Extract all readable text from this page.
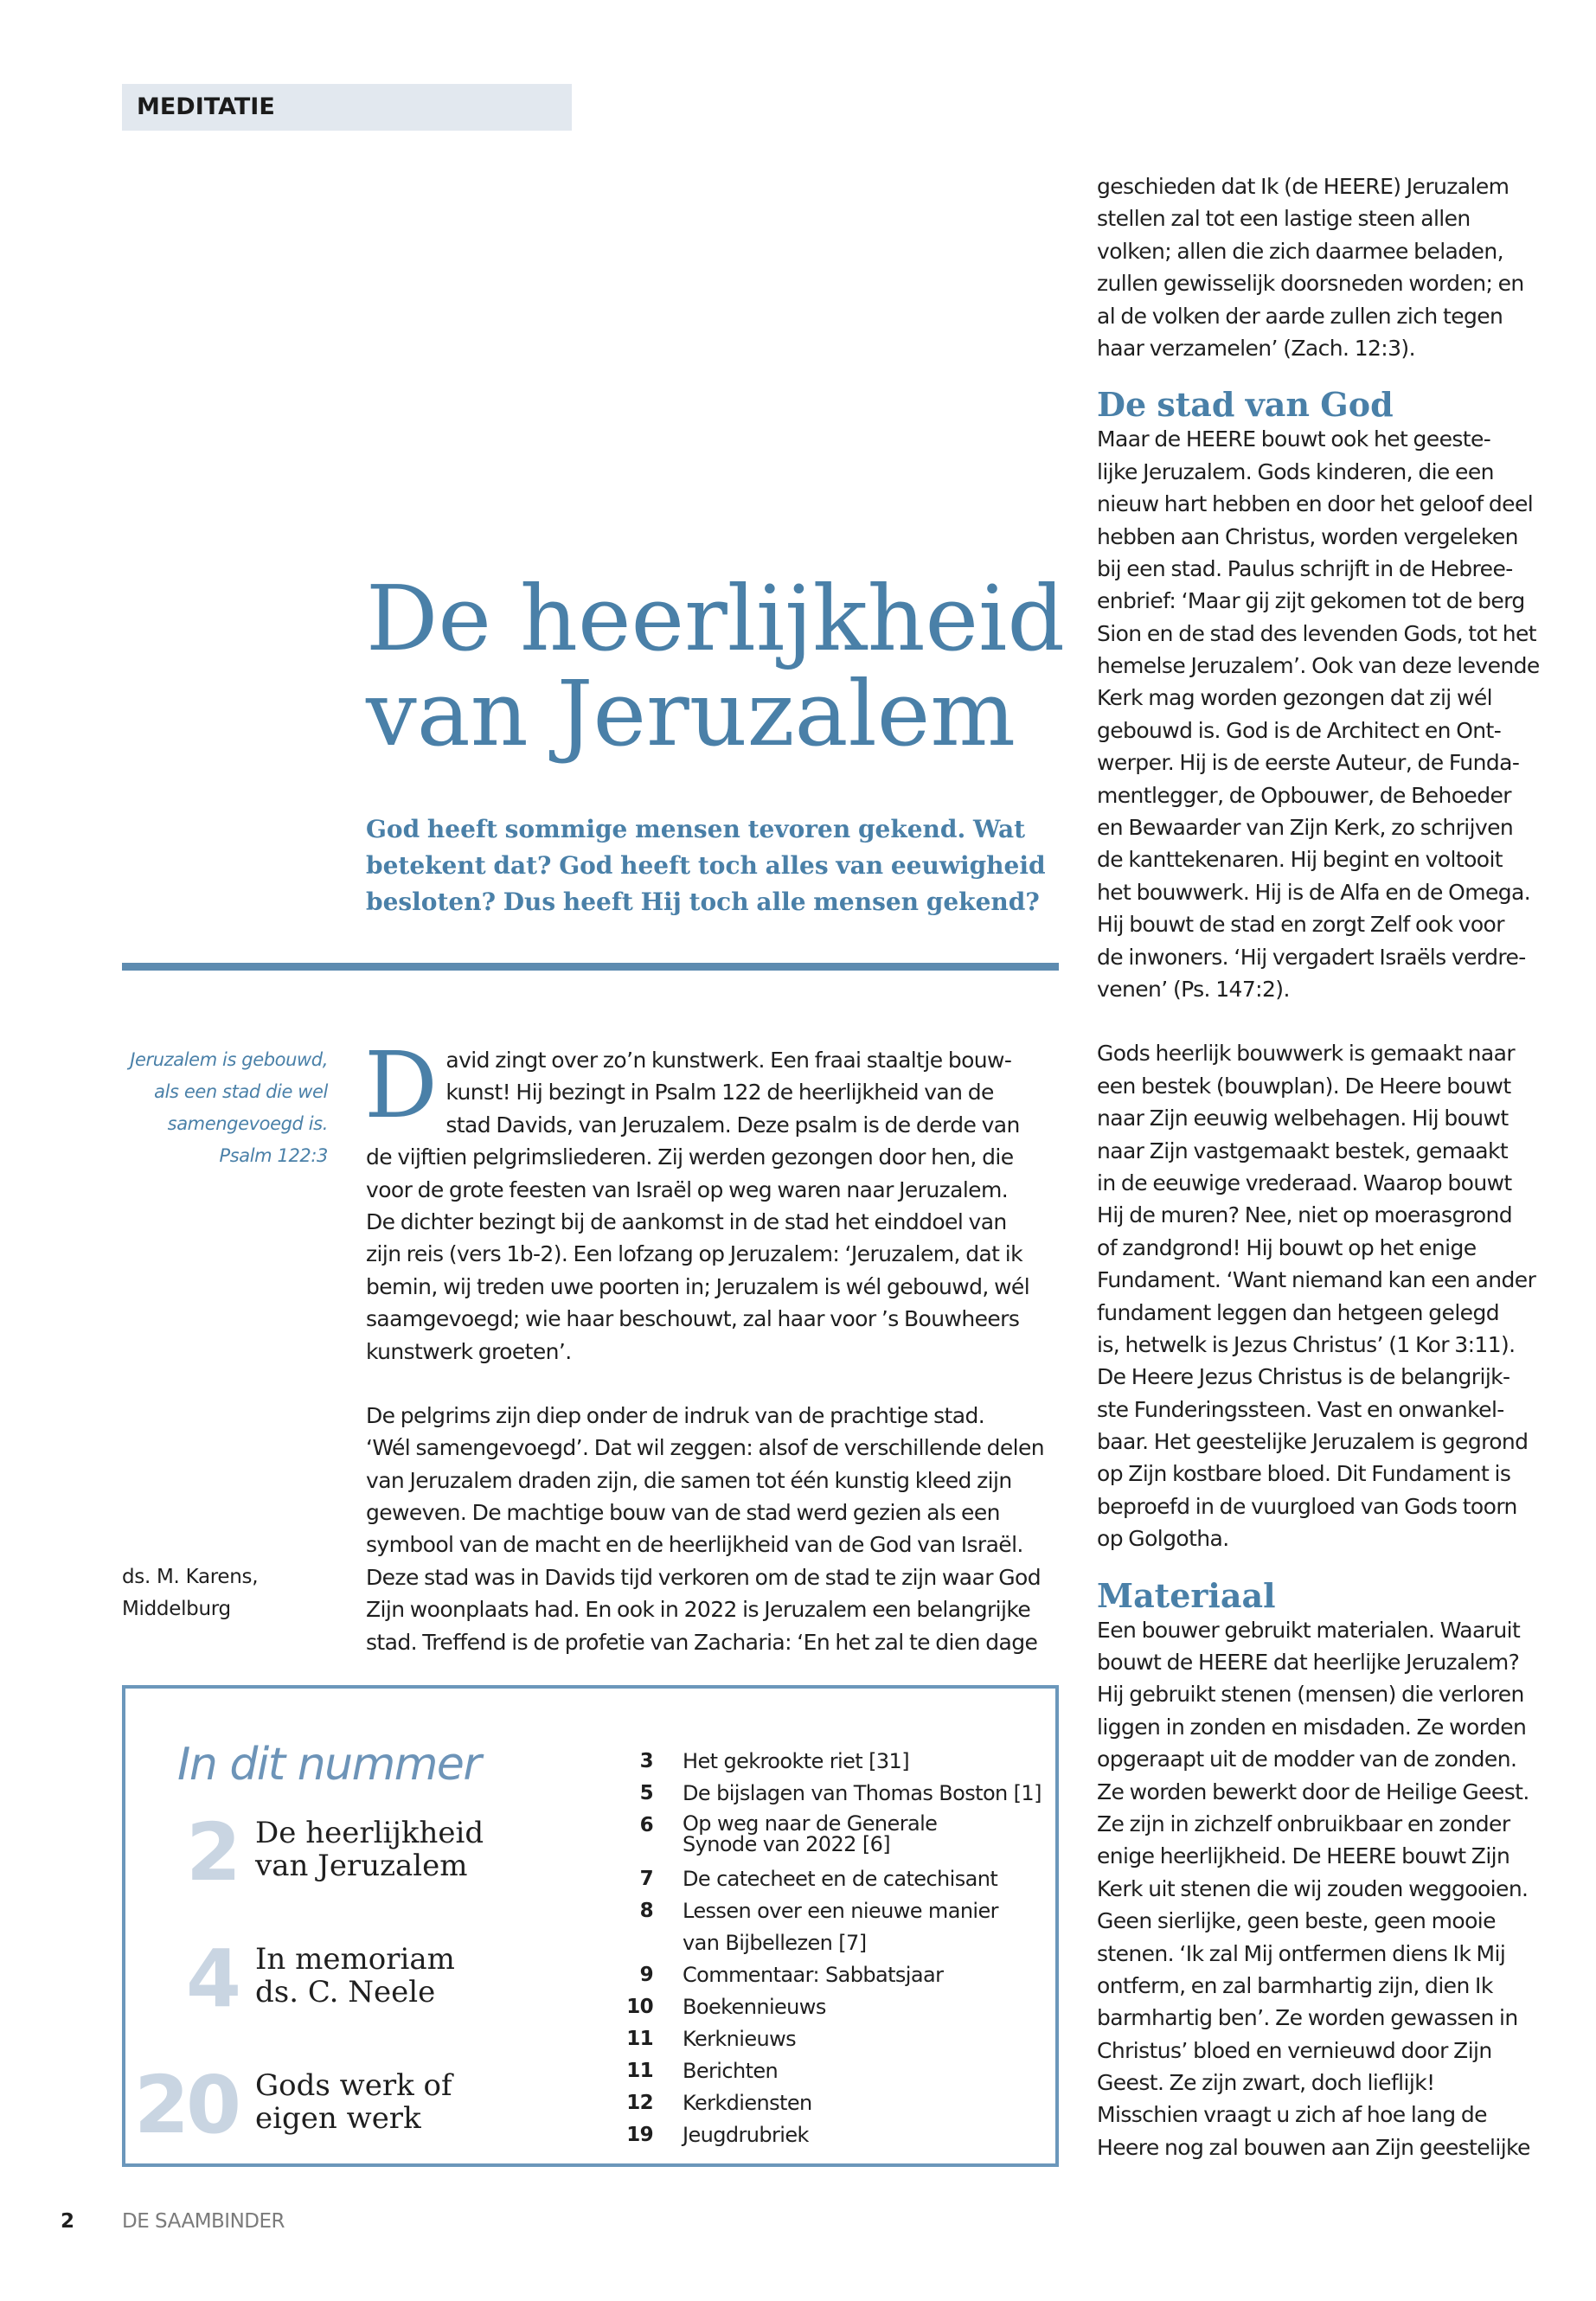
MEDITATIE
De heerlijkheid
van Jeruzalem
God heeft sommige mensen tevoren gekend. Wat
betekent dat? God heeft toch alles van eeuwigheid
besloten? Dus heeft Hij toch alle mensen gekend?
Jeruzalem is gebouwd,
als een stad die wel
samengevoegd is.
Psalm 122:3
ds. M. Karens,
Middelburg
D avid zingt over zo’n kunstwerk. Een fraai staaltje bouw-
kunst! Hij bezingt in Psalm 122 de heerlijkheid van de
stad Davids, van Jeruzalem. Deze psalm is de derde van
de vijftien pelgrimsliederen. Zij werden gezongen door hen, die
voor de grote feesten van Israël op weg waren naar Jeruzalem.
De dichter bezingt bij de aankomst in de stad het einddoel van
zijn reis (vers 1b-2). Een lofzang op Jeruzalem: ‘Jeruzalem, dat ik
bemin, wij treden uwe poorten in; Jeruzalem is wél gebouwd, wél
saamgevoegd; wie haar beschouwt, zal haar voor ’s Bouwheers
kunstwerk groeten’.

De pelgrims zijn diep onder de indruk van de prachtige stad.
‘Wél samengevoegd’. Dat wil zeggen: alsof de verschillende delen
van Jeruzalem draden zijn, die samen tot één kunstig kleed zijn
geweven. De machtige bouw van de stad werd gezien als een
symbool van de macht en de heerlijkheid van de God van Israël.
Deze stad was in Davids tijd verkoren om de stad te zijn waar God
Zijn woonplaats had. En ook in 2022 is Jeruzalem een belangrijke
stad. Treffend is de profetie van Zacharia: ‘En het zal te dien dage

geschieden dat Ik (de HEERE) Jeruzalem
stellen zal tot een lastige steen allen
volken; allen die zich daarmee beladen,
zullen gewisselijk doorsneden worden; en
al de volken der aarde zullen zich tegen
haar verzamelen’ (Zach. 12:3).

De stad van God

Maar de HEERE bouwt ook het geeste-
lijke Jeruzalem. Gods kinderen, die een
nieuw hart hebben en door het geloof deel
hebben aan Christus, worden vergeleken
bij een stad. Paulus schrijft in de Hebreе-
enbrief: ‘Maar gij zijt gekomen tot de berg
Sion en de stad des levenden Gods, tot het
hemelse Jeruzalem’. Ook van deze levende
Kerk mag worden gezongen dat zij wél
gebouwd is. God is de Architect en Ont-
werper. Hij is de eerste Auteur, de Funda-
mentlegger, de Opbouwer, de Behoeder
en Bewaarder van Zijn Kerk, zo schrijven
de kanttekenaren. Hij begint en voltooit
het bouwwerk. Hij is de Alfa en de Omega.
Hij bouwt de stad en zorgt Zelf ook voor
de inwoners. ‘Hij vergadert Israëls verdre-
venen’ (Ps. 147:2).

Gods heerlijk bouwwerk is gemaakt naar
een bestek (bouwplan). De Heere bouwt
naar Zijn eeuwig welbehagen. Hij bouwt
naar Zijn vastgemaakt bestek, gemaakt
in de eeuwige vrederaad. Waarop bouwt
Hij de muren? Nee, niet op moerasgrond
of zandgrond! Hij bouwt op het enige
Fundament. ‘Want niemand kan een ander
fundament leggen dan hetgeen gelegd
is, hetwelk is Jezus Christus’ (1 Kor 3:11).
De Heere Jezus Christus is de belangrijk-
ste Funderingssteen. Vast en onwankel-
baar. Het geestelijke Jeruzalem is gegrond
op Zijn kostbare bloed. Dit Fundament is
beproefd in de vuurgloed van Gods toorn
op Golgotha.

Materiaal

Een bouwer gebruikt materialen. Waaruit
bouwt de HEERE dat heerlijke Jeruzalem?
Hij gebruikt stenen (mensen) die verloren
liggen in zonden en misdaden. Ze worden
opgeraapt uit de modder van de zonden.
Ze worden bewerkt door de Heilige Geest.
Ze zijn in zichzelf onbruikbaar en zonder
enige heerlijkheid. De HEERE bouwt Zijn
Kerk uit stenen die wij zouden weggooien.
Geen sierlijke, geen beste, geen mooie
stenen. ‘Ik zal Mij ontfermen diens Ik Mij
ontferm, en zal barmhartig zijn, dien Ik
barmhartig ben’. Ze worden gewassen in
Christus’ bloed en vernieuwd door Zijn
Geest. Ze zijn zwart, doch lieflijk!
Misschien vraagt u zich af hoe lang de
Heere nog zal bouwen aan Zijn geestelijke

In dit nummer
2 De heerlijkheid
van Jeruzalem
4 In memoriam
ds. C. Neele
20 Gods werk of
eigen werk
3 Het gekrookte riet [31]
5 De bijslagen van Thomas Boston [1]
6 Op weg naar de Generale Synode van 2022 [6]
7 De catecheet en de catechisant
8 Lessen over een nieuwe manier van Bijbellezen [7]
9 Commentaar: Sabbatsjaar
10 Boekennieuws
11 Kerknieuws
11 Berichten
12 Kerkdiensten
19 Jeugdrubriek
2 DE SAAMBINDER
